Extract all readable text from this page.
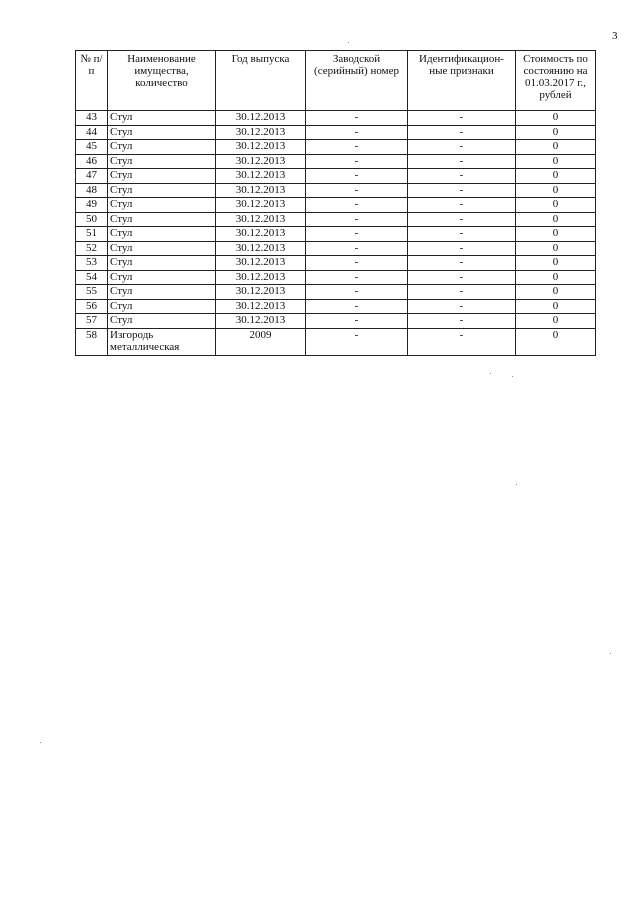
3
№ п/п	Наименование имущества, количество	Год выпуска	Заводской (серийный) номер	Идентификацион-ные признаки	Стоимость по состоянию на 01.03.2017 г., рублей
43	Стул	30.12.2013	-	-	0
44	Стул	30.12.2013	-	-	0
45	Стул	30.12.2013	-	-	0
46	Стул	30.12.2013	-	-	0
47	Стул	30.12.2013	-	-	0
48	Стул	30.12.2013	-	-	0
49	Стул	30.12.2013	-	-	0
50	Стул	30.12.2013	-	-	0
51	Стул	30.12.2013	-	-	0
52	Стул	30.12.2013	-	-	0
53	Стул	30.12.2013	-	-	0
54	Стул	30.12.2013	-	-	0
55	Стул	30.12.2013	-	-	0
56	Стул	30.12.2013	-	-	0
57	Стул	30.12.2013	-	-	0
58	Изгородь металлическая	2009	-	-	0
